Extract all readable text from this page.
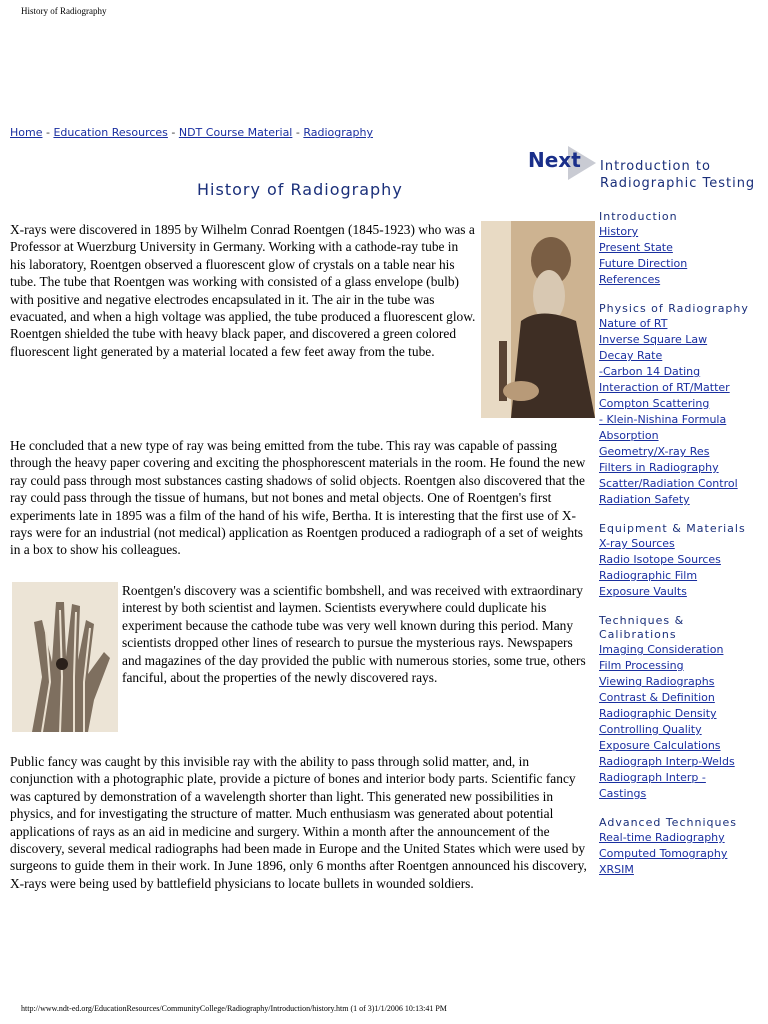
History of Radiography
Home - Education Resources - NDT Course Material - Radiography
Next Introduction to Radiographic Testing
History of Radiography
X-rays were discovered in 1895 by Wilhelm Conrad Roentgen (1845-1923) who was a Professor at Wuerzburg University in Germany. Working with a cathode-ray tube in his laboratory, Roentgen observed a fluorescent glow of crystals on a table near his tube. The tube that Roentgen was working with consisted of a glass envelope (bulb) with positive and negative electrodes encapsulated in it. The air in the tube was evacuated, and when a high voltage was applied, the tube produced a fluorescent glow. Roentgen shielded the tube with heavy black paper, and discovered a green colored fluorescent light generated by a material located a few feet away from the tube.
He concluded that a new type of ray was being emitted from the tube. This ray was capable of passing through the heavy paper covering and exciting the phosphorescent materials in the room. He found the new ray could pass through most substances casting shadows of solid objects. Roentgen also discovered that the ray could pass through the tissue of humans, but not bones and metal objects. One of Roentgen's first experiments late in 1895 was a film of the hand of his wife, Bertha. It is interesting that the first use of X-rays were for an industrial (not medical) application as Roentgen produced a radiograph of a set of weights in a box to show his colleagues.
Roentgen's discovery was a scientific bombshell, and was received with extraordinary interest by both scientist and laymen. Scientists everywhere could duplicate his experiment because the cathode tube was very well known during this period. Many scientists dropped other lines of research to pursue the mysterious rays. Newspapers and magazines of the day provided the public with numerous stories, some true, others fanciful, about the properties of the newly discovered rays.
Public fancy was caught by this invisible ray with the ability to pass through solid matter, and, in conjunction with a photographic plate, provide a picture of bones and interior body parts. Scientific fancy was captured by demonstration of a wavelength shorter than light. This generated new possibilities in physics, and for investigating the structure of matter. Much enthusiasm was generated about potential applications of rays as an aid in medicine and surgery. Within a month after the announcement of the discovery, several medical radiographs had been made in Europe and the United States which were used by surgeons to guide them in their work. In June 1896, only 6 months after Roentgen announced his discovery, X-rays were being used by battlefield physicians to locate bullets in wounded soldiers.
Introduction
History
Present State
Future Direction
References
Physics of Radiography
Nature of RT
Inverse Square Law
Decay Rate
-Carbon 14 Dating
Interaction of RT/Matter
Compton Scattering
- Klein-Nishina Formula
Absorption
Geometry/X-ray Res
Filters in Radiography
Scatter/Radiation Control
Radiation Safety
Equipment & Materials
X-ray Sources
Radio Isotope Sources
Radiographic Film
Exposure Vaults
Techniques & Calibrations
Imaging Consideration
Film Processing
Viewing Radiographs
Contrast & Definition
Radiographic Density
Controlling Quality
Exposure Calculations
Radiograph Interp-Welds
Radiograph Interp - Castings
Advanced Techniques
Real-time Radiography
Computed Tomography
XRSIM
http://www.ndt-ed.org/EducationResources/CommunityCollege/Radiography/Introduction/history.htm (1 of 3)1/1/2006 10:13:41 PM
